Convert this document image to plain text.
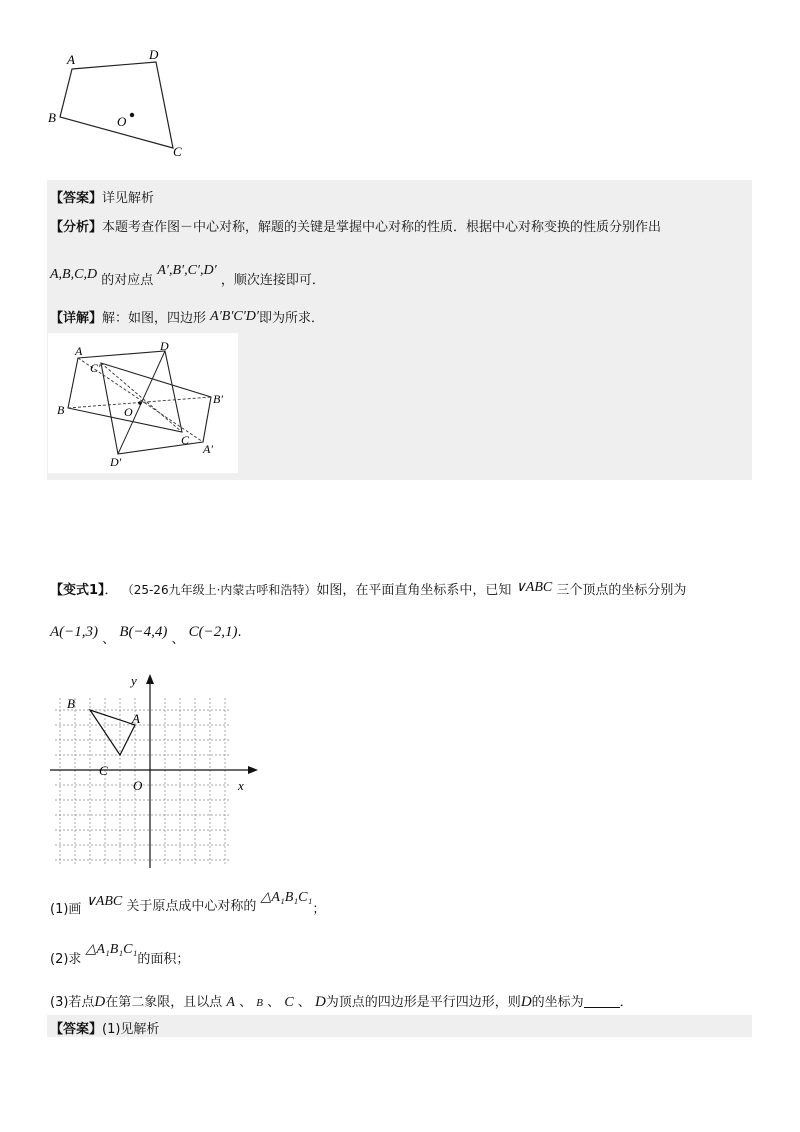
A	D
B
C
O
【答案】详见解析
【分析】本题考查作图－中心对称，解题的关键是掌握中心对称的性质．根据中心对称变换的性质分别作出
A,B,C,D 的对应点 A′,B′,C′,D′ ，顺次连接即可．
【详解】解：如图，四边形 A′B′C′D′即为所求．
A	D
C′
B	O
B′
C
A′
D′
【变式1】． （25-26九年级上·内蒙古呼和浩特）如图，在平面直角坐标系中，已知 ∨ABC 三个顶点的坐标分别为
A(−1,3) 、 B(−4,4) 、 C(−2,1).
y
x
O
A
B
C
(1)画 ∨ABC 关于原点成中心对称的 △A₁B₁C₁；
(2)求 △A₁B₁C₁的面积；
(3)若点D在第二象限，且以点 A 、 B 、 C 、 D为顶点的四边形是平行四边形，则D的坐标为	．
【答案】(1)见解析
